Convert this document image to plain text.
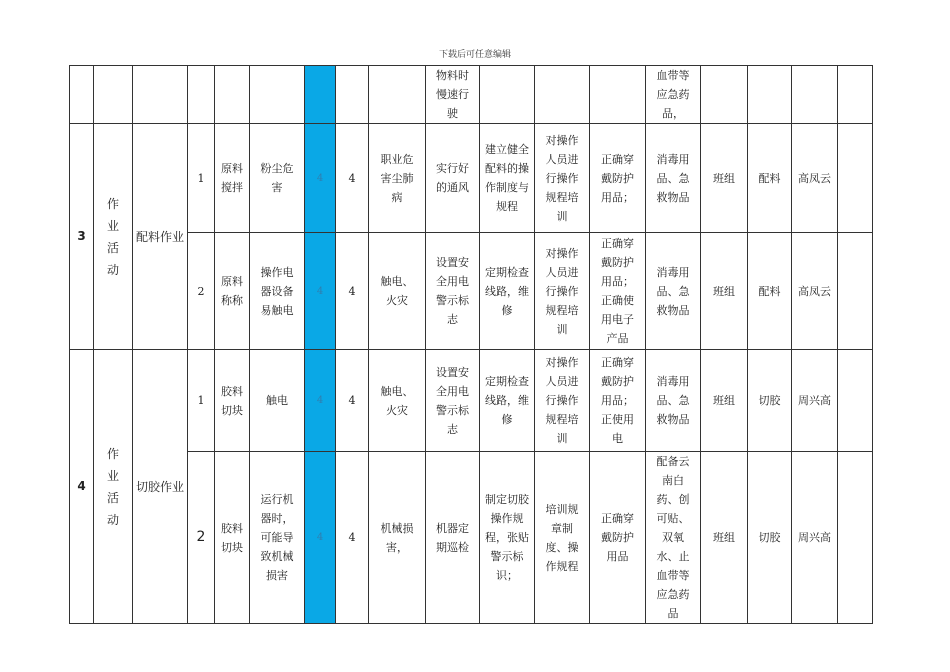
下载后可任意编辑

									物料时慢速行驶				血带等应急药品，				

3	作业活动	配料作业	1	原料搅拌	粉尘危害	4	4	职业危害尘肺病	实行好的通风	建立健全配料的操作制度与规程	对操作人员进行操作规程培训	正确穿戴防护用品；	消毒用品、急救物品	班组	配料	高凤云	
			2	原料称称	操作电器设备易触电	4	4	触电、火灾	设置安全用电警示标志	定期检查线路，维修	对操作人员进行操作规程培训	正确穿戴防护用品；正确使用电子产品	消毒用品、急救物品	班组	配料	高凤云	
4	作业活动	切胶作业	1	胶料切块	触电	4	4	触电、火灾	设置安全用电警示标志	定期检查线路，维修	对操作人员进行操作规程培训	正确穿戴防护用品；正使用电	消毒用品、急救物品	班组	切胶	周兴高	
			2	胶料切块	运行机器时，可能导致机械损害	4	4	机械损害，	机器定期巡检	制定切胶操作规程，张贴警示标识；	培训规章制度、操作规程	正确穿戴防护用品	配备云南白药、创可贴、双氧水、止血带等应急药品	班组	切胶	周兴高	
